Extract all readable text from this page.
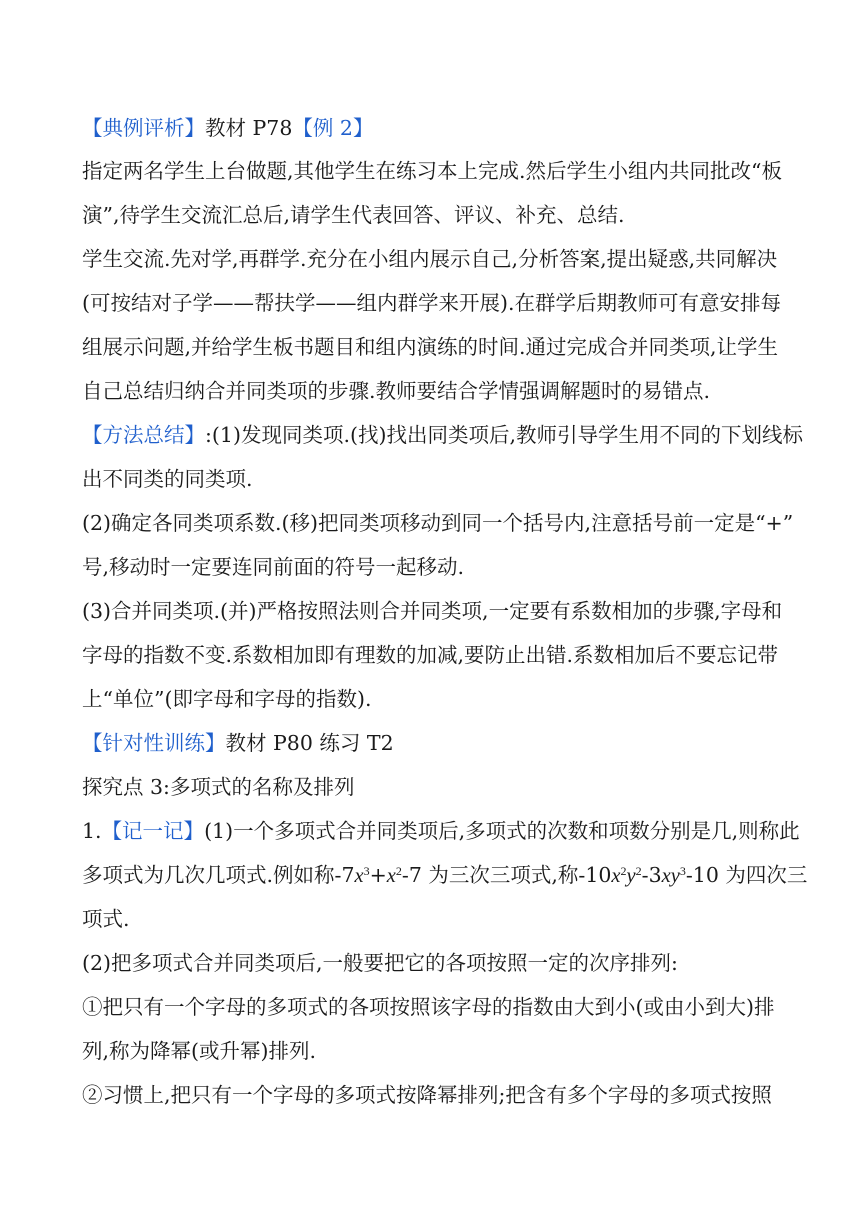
【典例评析】教材 P78【例 2】
指定两名学生上台做题,其他学生在练习本上完成.然后学生小组内共同批改“板
演”,待学生交流汇总后,请学生代表回答、评议、补充、总结.
学生交流.先对学,再群学.充分在小组内展示自己,分析答案,提出疑惑,共同解决
(可按结对子学——帮扶学——组内群学来开展).在群学后期教师可有意安排每
组展示问题,并给学生板书题目和组内演练的时间.通过完成合并同类项,让学生
自己总结归纳合并同类项的步骤.教师要结合学情强调解题时的易错点.
【方法总结】:(1)发现同类项.(找)找出同类项后,教师引导学生用不同的下划线标
出不同类的同类项.
(2)确定各同类项系数.(移)把同类项移动到同一个括号内,注意括号前一定是“+”
号,移动时一定要连同前面的符号一起移动.
(3)合并同类项.(并)严格按照法则合并同类项,一定要有系数相加的步骤,字母和
字母的指数不变.系数相加即有理数的加减,要防止出错.系数相加后不要忘记带
上“单位”(即字母和字母的指数).
【针对性训练】教材 P80 练习 T2
探究点 3:多项式的名称及排列
1.【记一记】(1)一个多项式合并同类项后,多项式的次数和项数分别是几,则称此
多项式为几次几项式.例如称$-7x^3+x^2-7$ 为三次三项式,称$-10x^2y^2-3xy^3-10$ 为四次三
项式.
(2)把多项式合并同类项后,一般要把它的各项按照一定的次序排列:
①把只有一个字母的多项式的各项按照该字母的指数由大到小(或由小到大)排
列,称为降幂(或升幂)排列.
②习惯上,把只有一个字母的多项式按降幂排列;把含有多个字母的多项式按照
